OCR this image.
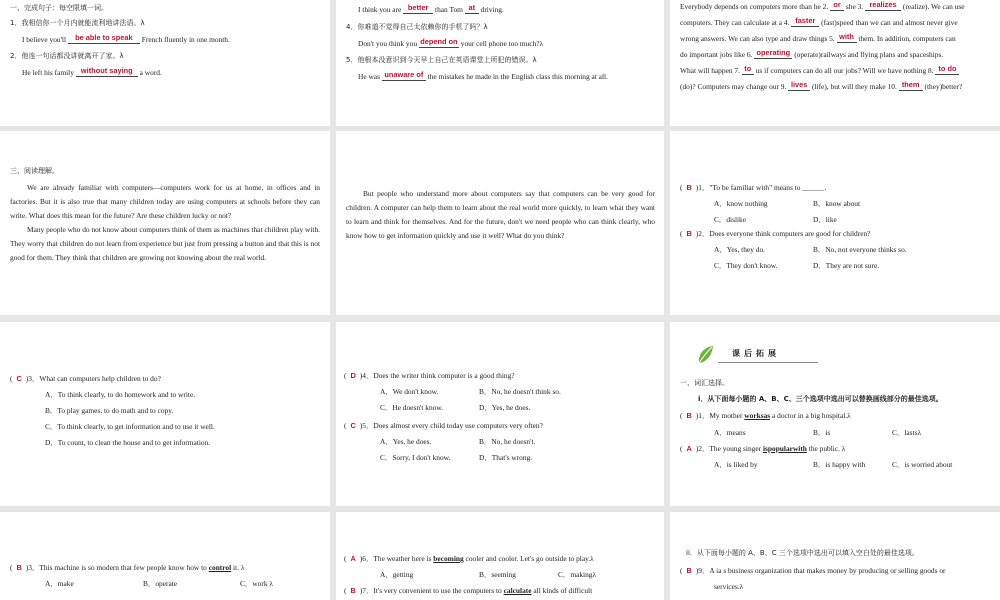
一、完成句子：每空限填一词。
1．我相信你一个月内就能流利地讲法语。λ
I believe you'll be able to speak French fluently in one month.
2．他连一句话都没讲就离开了家。λ
He left his family without saying a word.
I think you are better than Tom at driving.
4．你难道不觉得自己太依赖你的手机了吗？λ
Don't you think you depend on your cell phone too much?λ
5．他根本没意识到今天早上自己在英语课堂上所犯的错误。λ
He was unaware of the mistakes he made in the English class this morning at all.
Everybody depends on computers more than he 2. or she 3. realizes (realize). We can use
computers. They can calculate at a 4. faster (fast)speed than we can and almost never give
wrong answers. We can also type and draw things 5. with them. In addition, computers can
do important jobs like 6. operating (operate)railways and flying plans and spaceships.
What will happen 7. to us if computers can do all our jobs? Will we have nothing 8. to do
(do)? Computers may change our 9. lives (life), but will they make 10. them (they)better?
三、阅读理解。
We are already familiar with computers—computers work for us at home, in offices and in factories. But it is also true that many children today are using computers at schools before they can write. What does this mean for the future? Are these children lucky or not?
Many people who do not know about computers think of them as machines that children play with. They worry that children do not learn from experience but just from pressing a button and that this is not good for them. They think that children are growing not knowing about the real world.
But people who understand more about computers say that computers can be very good for children. A computer can help them to learn about the real world more quickly, to learn what they want to learn and think for themselves. And for the future, don't we need people who can think clearly, who know how to get information quickly and use it well? What do you think?
( B )1．"To be familiar with" means to ______.
A．know nothing	B．know about
C．dislike	D．like
( B )2．Does everyone think computers are good for children?
A．Yes, they do.	B．No, not everyone thinks so.
C．They don't know.	D．They are not sure.
( C )3．What can computers help children to do?
A．To think clearly, to do homework and to write.
B．To play games, to do math and to copy.
C．To think clearly, to get information and to use it well.
D．To count, to clean the house and to get information.
( D )4．Does the writer think computer is a good thing?
A．We don't know.	B．No, he doesn't think so.
C．He doesn't know.	D．Yes, he does.
( C )5．Does almost every child today use computers very often?
A．Yes, he does.	B．No, he doesn't.
C．Sorry, I don't know.	D．That's wrong.
课后拓展
一、词汇选择。
i．从下面每小题的 A、B、C、三个选项中选出可以替换画线部分的最佳选项。
( B )1．My mother worksas a doctor in a big hospital.λ
A．means	B．is	C．lastsλ
( A )2．The young singer ispopularwith the public. λ
A．is liked by	B．is happy with	C．is worried about
( B )3．This machine is so modern that few people know how to control it. λ
A．make	B．operate	C．work λ
( A )6．The weather here is becoming cooler and cooler. Let's go outside to play.λ
A．getting	B．seeming	C．makingλ
( B )7．It's very convenient to use the computers to calculate all kinds of difficult
ii．从下面每小题的 A、B、C 三个选项中选出可以填入空白处的最佳选项。
( B )9．A ia s business organization that makes money by producing or selling goods or
services.λ
